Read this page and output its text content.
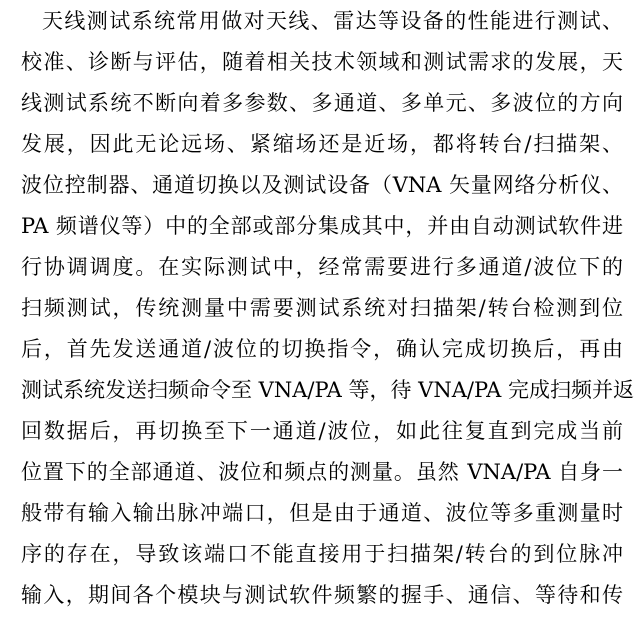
天线测试系统常用做对天线、雷达等设备的性能进行测试、
校准、诊断与评估，随着相关技术领域和测试需求的发展，天
线测试系统不断向着多参数、多通道、多单元、多波位的方向
发展，因此无论远场、紧缩场还是近场，都将转台/扫描架、
波位控制器、通道切换以及测试设备（VNA 矢量网络分析仪、
PA 频谱仪等）中的全部或部分集成其中，并由自动测试软件进
行协调调度。在实际测试中，经常需要进行多通道/波位下的
扫频测试，传统测量中需要测试系统对扫描架/转台检测到位
后，首先发送通道/波位的切换指令，确认完成切换后，再由
测试系统发送扫频命令至 VNA/PA 等，待 VNA/PA 完成扫频并返
回数据后，再切换至下一通道/波位，如此往复直到完成当前
位置下的全部通道、波位和频点的测量。虽然 VNA/PA 自身一
般带有输入输出脉冲端口，但是由于通道、波位等多重测量时
序的存在，导致该端口不能直接用于扫描架/转台的到位脉冲
输入，期间各个模块与测试软件频繁的握手、通信、等待和传
